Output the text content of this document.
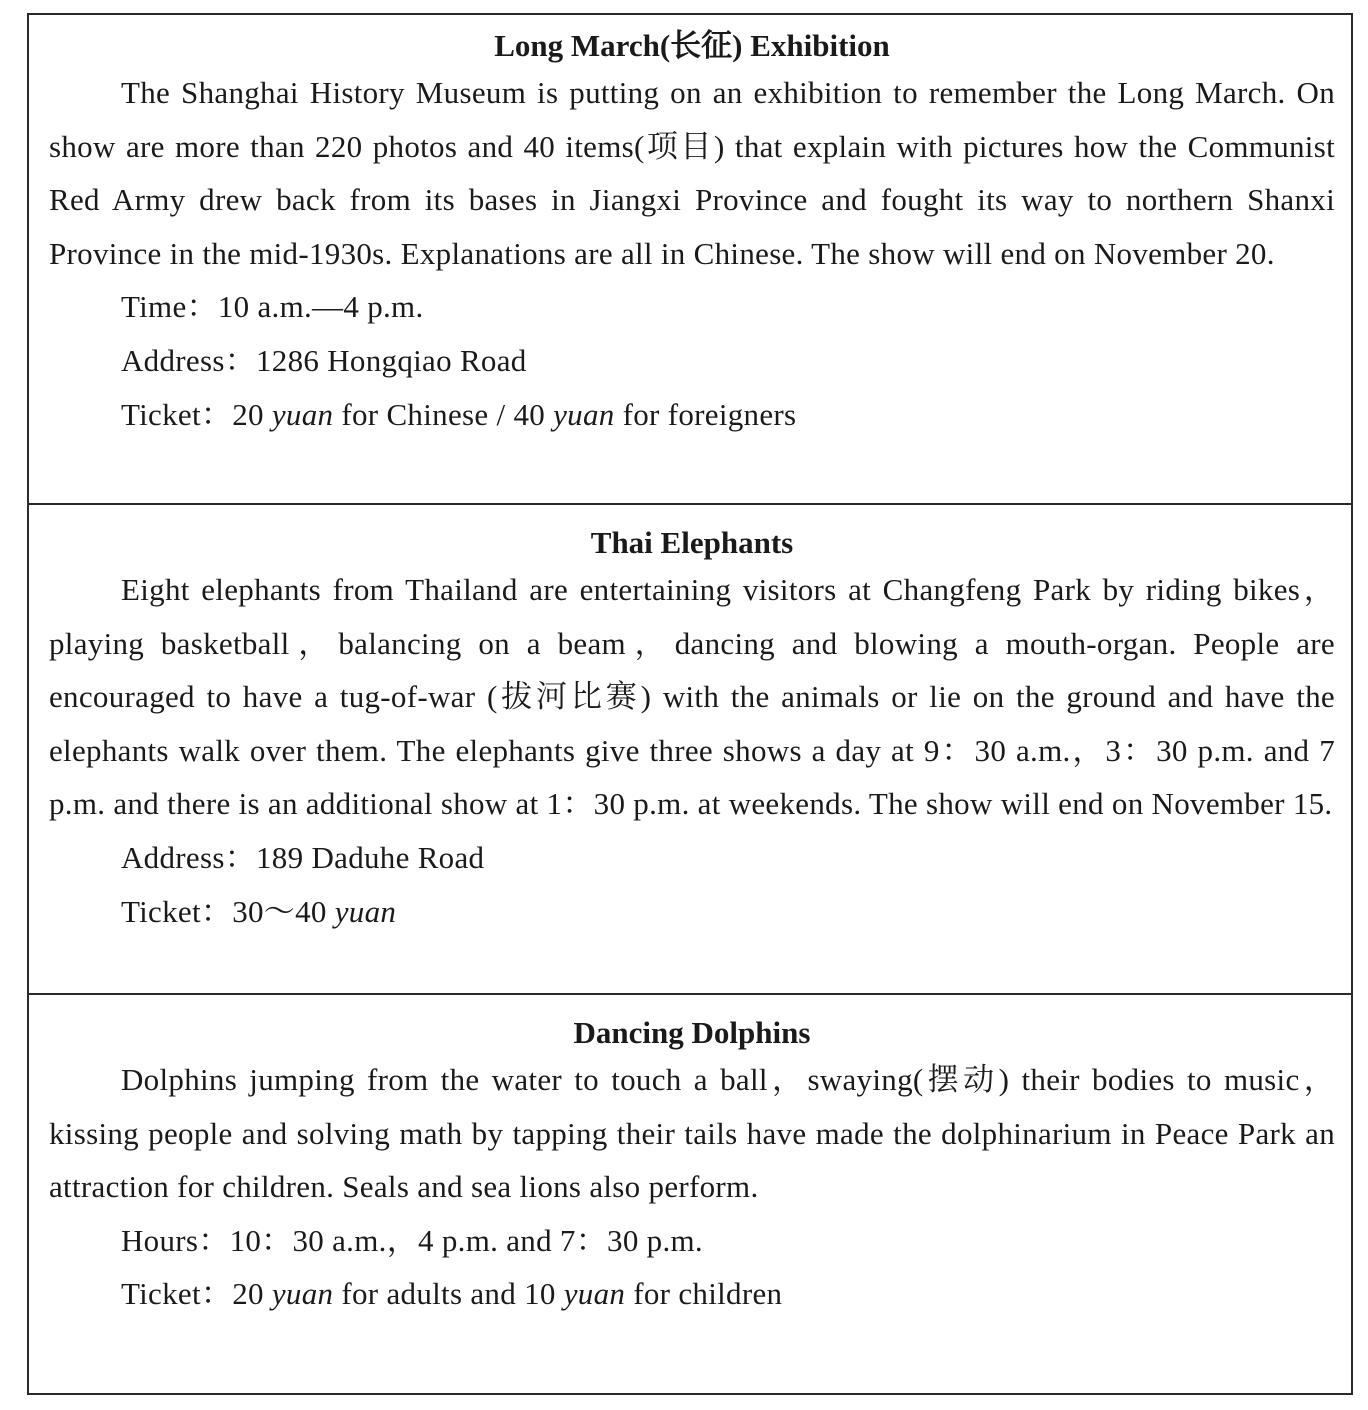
Long March(长征) Exhibition
The Shanghai History Museum is putting on an exhibition to remember the Long March. On show are more than 220 photos and 40 items(项目) that explain with pictures how the Communist Red Army drew back from its bases in Jiangxi Province and fought its way to northern Shanxi Province in the mid-1930s. Explanations are all in Chinese. The show will end on November 20.
Time：10 a.m.—4 p.m.
Address：1286 Hongqiao Road
Ticket：20 yuan for Chinese / 40 yuan for foreigners
Thai Elephants
Eight elephants from Thailand are entertaining visitors at Changfeng Park by riding bikes，playing basketball，balancing on a beam，dancing and blowing a mouth-organ. People are encouraged to have a tug-of-war (拔河比赛) with the animals or lie on the ground and have the elephants walk over them. The elephants give three shows a day at 9：30 a.m.，3：30 p.m. and 7 p.m. and there is an additional show at 1：30 p.m. at weekends. The show will end on November 15.
Address：189 Daduhe Road
Ticket：30～40 yuan
Dancing Dolphins
Dolphins jumping from the water to touch a ball，swaying(摆动) their bodies to music，kissing people and solving math by tapping their tails have made the dolphinarium in Peace Park an attraction for children. Seals and sea lions also perform.
Hours：10：30 a.m.，4 p.m. and 7：30 p.m.
Ticket：20 yuan for adults and 10 yuan for children
